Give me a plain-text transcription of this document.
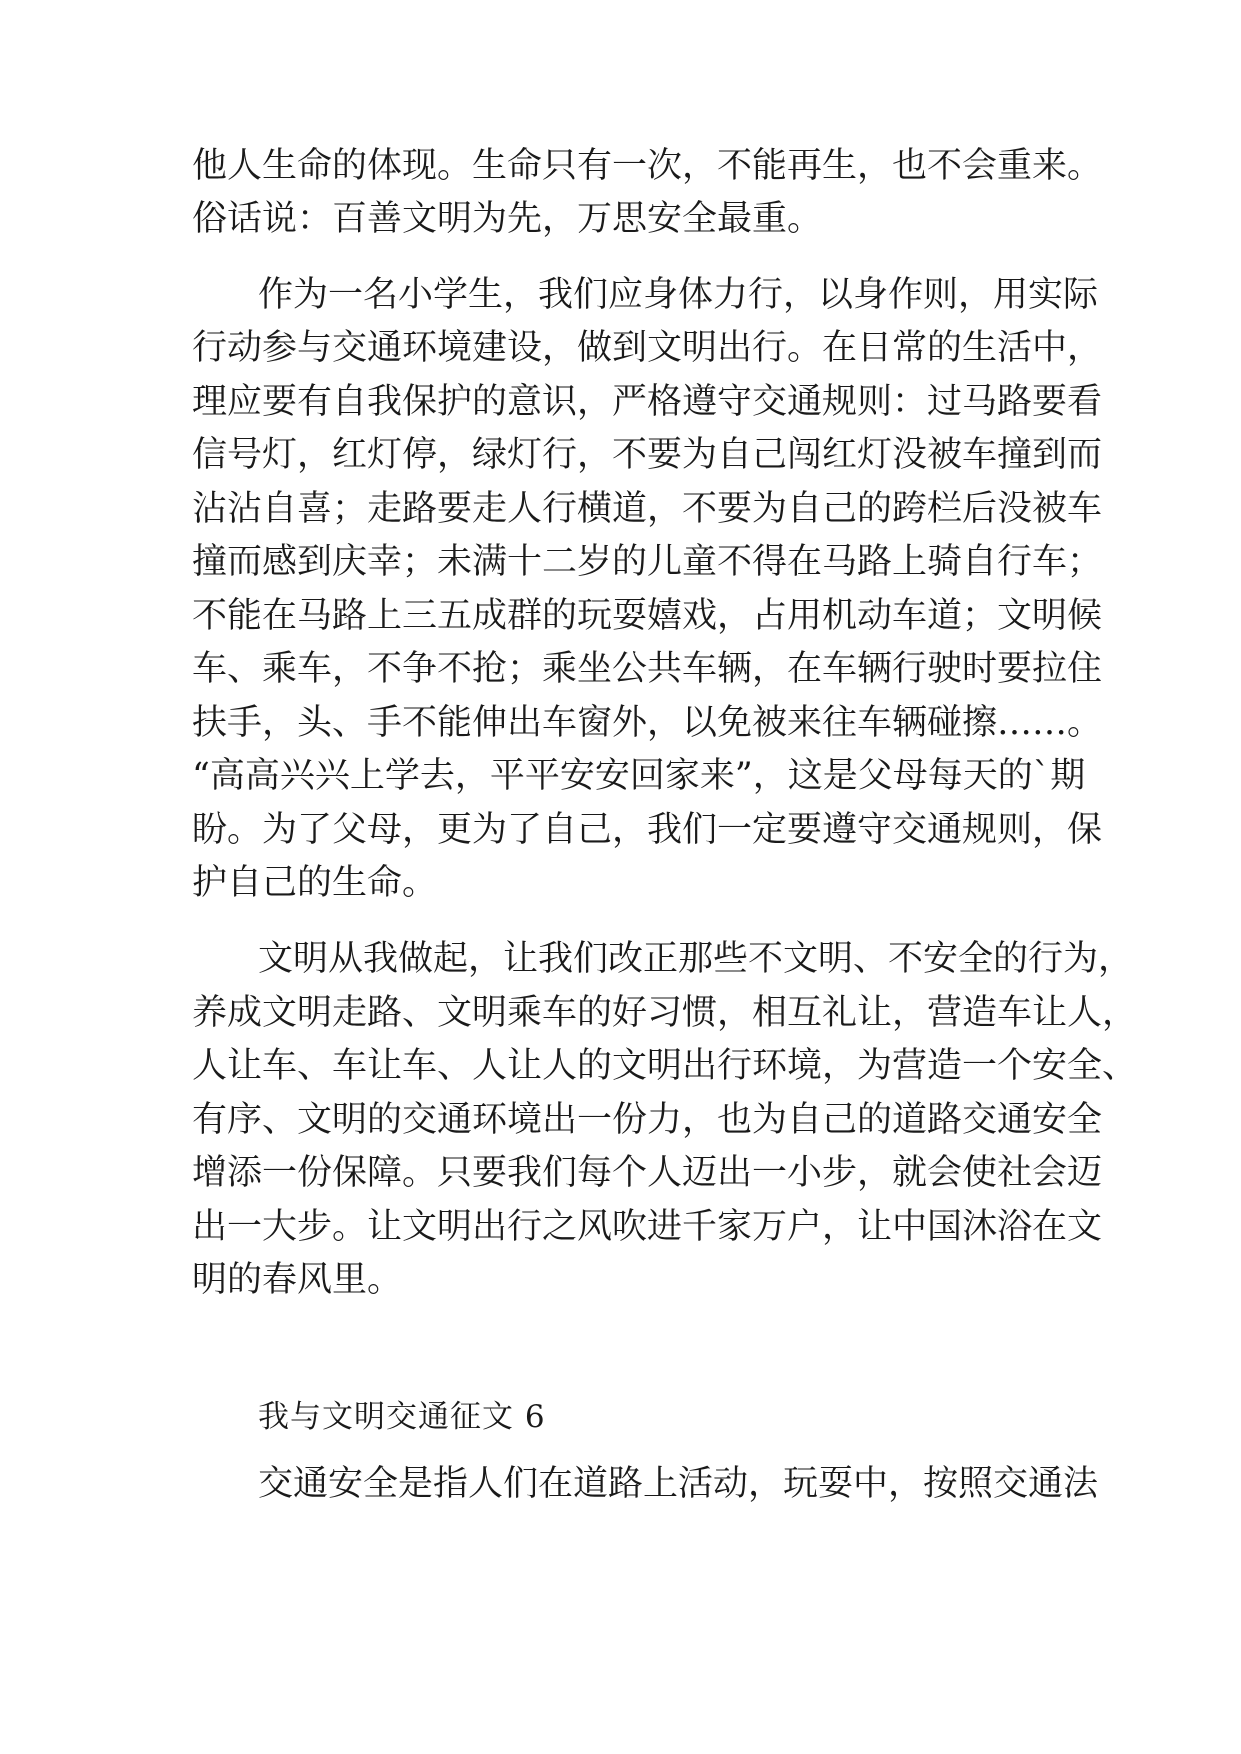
他人生命的体现。生命只有一次，不能再生，也不会重来。
俗话说：百善文明为先，万思安全最重。
作为一名小学生，我们应身体力行，以身作则，用实际
行动参与交通环境建设，做到文明出行。在日常的生活中，
理应要有自我保护的意识，严格遵守交通规则：过马路要看
信号灯，红灯停，绿灯行，不要为自己闯红灯没被车撞到而
沾沾自喜；走路要走人行横道，不要为自己的跨栏后没被车
撞而感到庆幸；未满十二岁的儿童不得在马路上骑自行车；
不能在马路上三五成群的玩耍嬉戏，占用机动车道；文明候
车、乘车，不争不抢；乘坐公共车辆，在车辆行驶时要拉住
扶手，头、手不能伸出车窗外，以免被来往车辆碰擦……。
“高高兴兴上学去，平平安安回家来”，这是父母每天的`期
盼。为了父母，更为了自己，我们一定要遵守交通规则，保
护自己的生命。
文明从我做起，让我们改正那些不文明、不安全的行为，
养成文明走路、文明乘车的好习惯，相互礼让，营造车让人，
人让车、车让车、人让人的文明出行环境，为营造一个安全、
有序、文明的交通环境出一份力，也为自己的道路交通安全
增添一份保障。只要我们每个人迈出一小步，就会使社会迈
出一大步。让文明出行之风吹进千家万户，让中国沐浴在文
明的春风里。
我与文明交通征文 6
交通安全是指人们在道路上活动，玩耍中，按照交通法
